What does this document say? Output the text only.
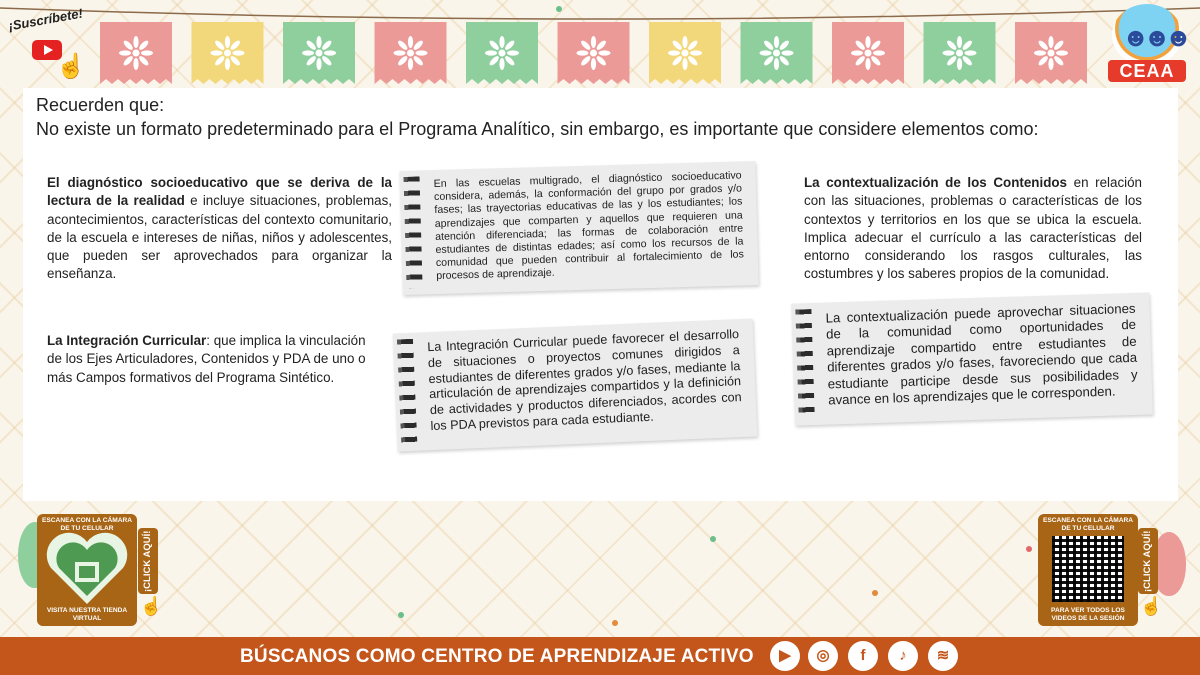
¡Suscríbete!
☝
☻☻☻
CEAA
Recuerden que:
No existe un formato predeterminado para el Programa Analítico, sin embargo, es importante que considere elementos como:
El diagnóstico socioeducativo que se deriva de la lectura de la realidad e incluye situaciones, problemas, acontecimientos, características del contexto comunitario, de la escuela e intereses de niñas, niños y adolescentes, que pueden ser aprovechados para organizar la enseñanza.
En las escuelas multigrado, el diagnóstico socioeducativo considera, además, la conformación del grupo por grados y/o fases; las trayectorias educativas de las y los estudiantes; los aprendizajes que comparten y aquellos que requieren una atención diferenciada; las formas de colaboración entre estudiantes de distintas edades; así como los recursos de la comunidad que pueden contribuir al fortalecimiento de los procesos de aprendizaje.
La contextualización de los Contenidos en relación con las situaciones, problemas o características de los contextos y territorios en los que se ubica la escuela. Implica adecuar el currículo a las características del entorno considerando los rasgos culturales, las costumbres y los saberes propios de la comunidad.
La contextualización puede aprovechar situaciones de la comunidad como oportunidades de aprendizaje compartido entre estudiantes de diferentes grados y/o fases, favoreciendo que cada estudiante participe desde sus posibilidades y avance en los aprendizajes que le corresponden.
La Integración Curricular: que implica la vinculación de los Ejes Articuladores, Contenidos y PDA de uno o más Campos formativos del Programa Sintético.
La Integración Curricular puede favorecer el desarrollo de situaciones o proyectos comunes dirigidos a estudiantes de diferentes grados y/o fases, mediante la articulación de aprendizajes compartidos y la definición de actividades y productos diferenciados, acordes con los PDA previstos para cada estudiante.
ESCANEA CON LA CÁMARA DE TU CELULAR
VISITA NUESTRA TIENDA VIRTUAL
¡CLICK AQUÍ!
☝
ESCANEA CON LA CÁMARA DE TU CELULAR
PARA VER TODOS LOS VIDEOS DE LA SESIÓN
¡CLICK AQUÍ!
☝
BÚSCANOS COMO CENTRO DE APRENDIZAJE ACTIVO	▶	◎	f	♪	≋
